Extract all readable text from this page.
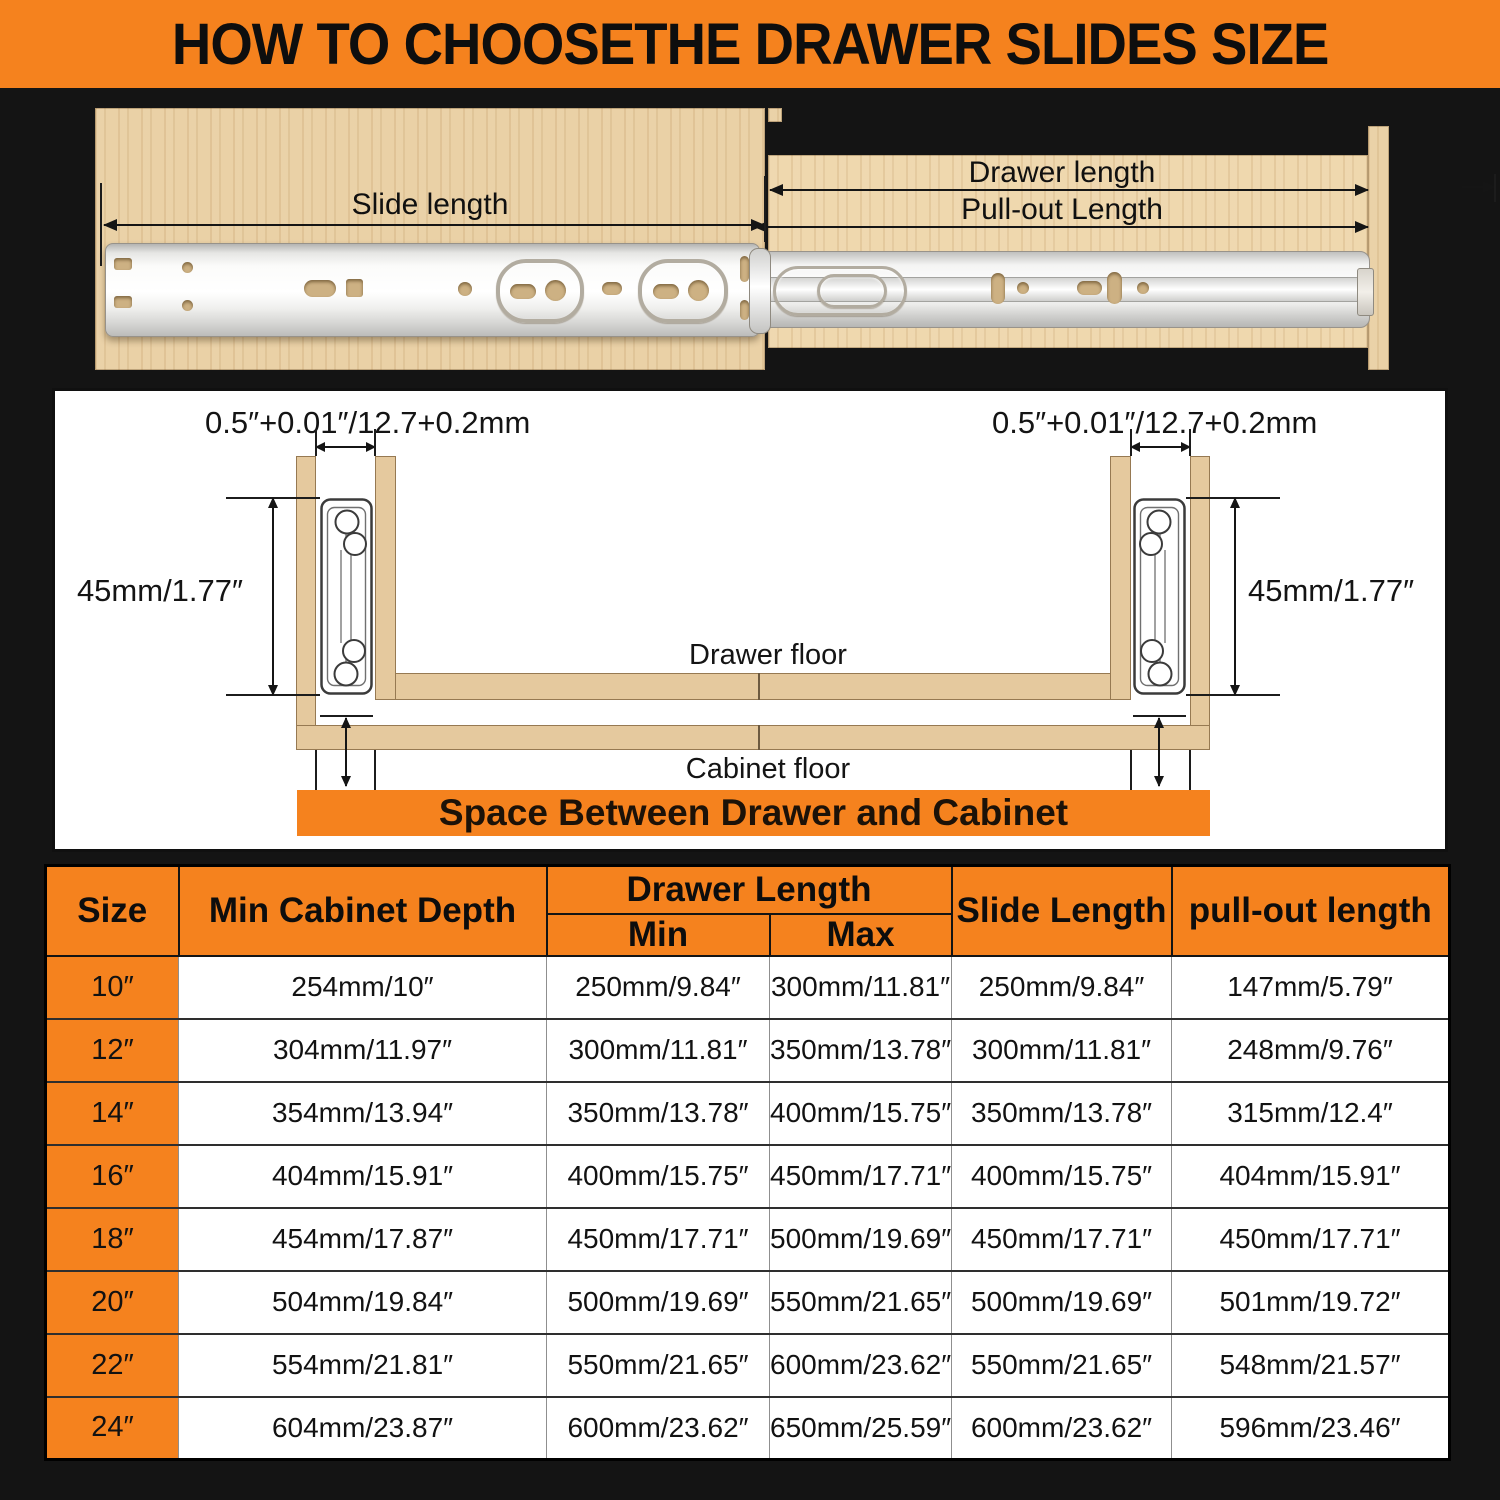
HOW TO CHOOSETHE DRAWER SLIDES SIZE
Slide length
Drawer length
Pull-out Length
0.5″+0.01″/12.7+0.2mm	0.5″+0.01″/12.7+0.2mm
45mm/1.77″	45mm/1.77″
Drawer floor
Cabinet floor
Space Between Drawer and Cabinet
Size	Min Cabinet Depth	Drawer Length		Slide Length	pull-out length
		Min	Max		
10″	254mm/10″	250mm/9.84″	300mm/11.81″	250mm/9.84″	147mm/5.79″
12″	304mm/11.97″	300mm/11.81″	350mm/13.78″	300mm/11.81″	248mm/9.76″
14″	354mm/13.94″	350mm/13.78″	400mm/15.75″	350mm/13.78″	315mm/12.4″
16″	404mm/15.91″	400mm/15.75″	450mm/17.71″	400mm/15.75″	404mm/15.91″
18″	454mm/17.87″	450mm/17.71″	500mm/19.69″	450mm/17.71″	450mm/17.71″
20″	504mm/19.84″	500mm/19.69″	550mm/21.65″	500mm/19.69″	501mm/19.72″
22″	554mm/21.81″	550mm/21.65″	600mm/23.62″	550mm/21.65″	548mm/21.57″
24″	604mm/23.87″	600mm/23.62″	650mm/25.59″	600mm/23.62″	596mm/23.46″
